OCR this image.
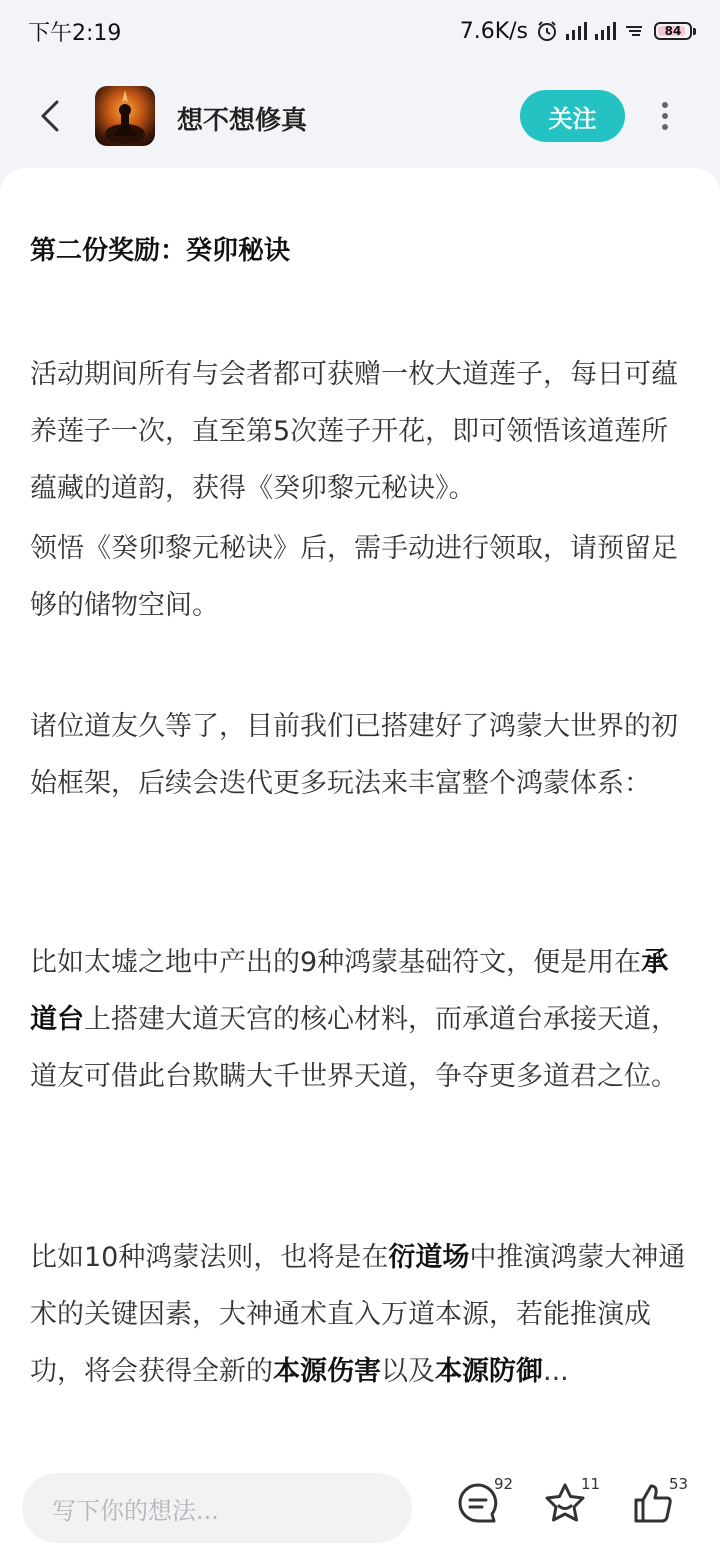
下午2:19	7.6K/s	84
想不想修真	关注
第二份奖励：癸卯秘诀
活动期间所有与会者都可获赠一枚大道莲子，每日可蕴养莲子一次，直至第5次莲子开花，即可领悟该道莲所蕴藏的道韵，获得《癸卯黎元秘诀》。
领悟《癸卯黎元秘诀》后，需手动进行领取，请预留足够的储物空间。
诸位道友久等了，目前我们已搭建好了鸿蒙大世界的初始框架，后续会迭代更多玩法来丰富整个鸿蒙体系：
比如太墟之地中产出的9种鸿蒙基础符文，便是用在承道台上搭建大道天宫的核心材料，而承道台承接天道，道友可借此台欺瞒大千世界天道，争夺更多道君之位。
比如10种鸿蒙法则，也将是在衍道场中推演鸿蒙大神通术的关键因素，大神通术直入万道本源，若能推演成功，将会获得全新的本源伤害以及本源防御...
写下你的想法...
92	11	53
